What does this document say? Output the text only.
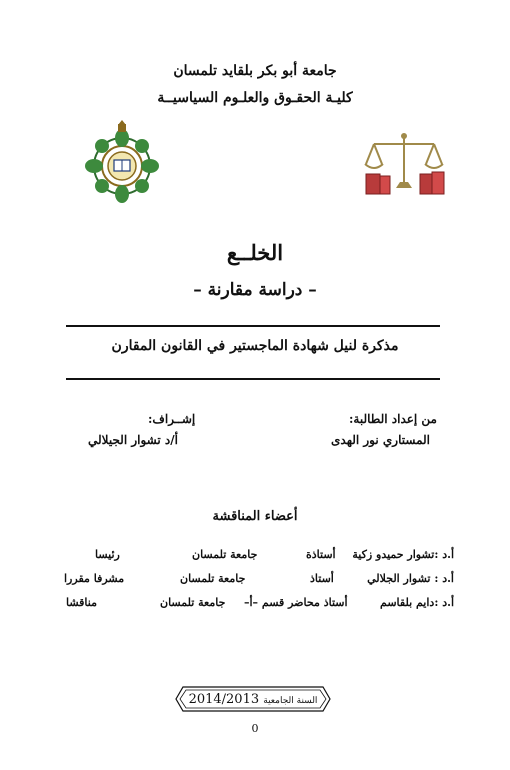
جامعة أبو بكر بلقايد تلمسان
كليـة الحقـوق والعلـوم السياسيــة
الخلــع
– دراسة مقارنة –
مذكرة لنيل شهادة الماجستير في القانون المقارن
من إعداد الطالبة:
المستاري نور الهدى
إشــراف:
أ/د تشوار الجيلالي
أعضاء المناقشة
أ.د :تشوار حميدو زكية
أستاذة
جامعة تلمسان
رئيسا
أ.د : تشوار الجلالي
أستاذ
جامعة تلمسان
مشرفا مقررا
أ.د :دايم بلقاسم
أستاذ محاضر قسم –أ–
جامعة تلمسان
مناقشا
السنة الجامعية 2014/2013
0
